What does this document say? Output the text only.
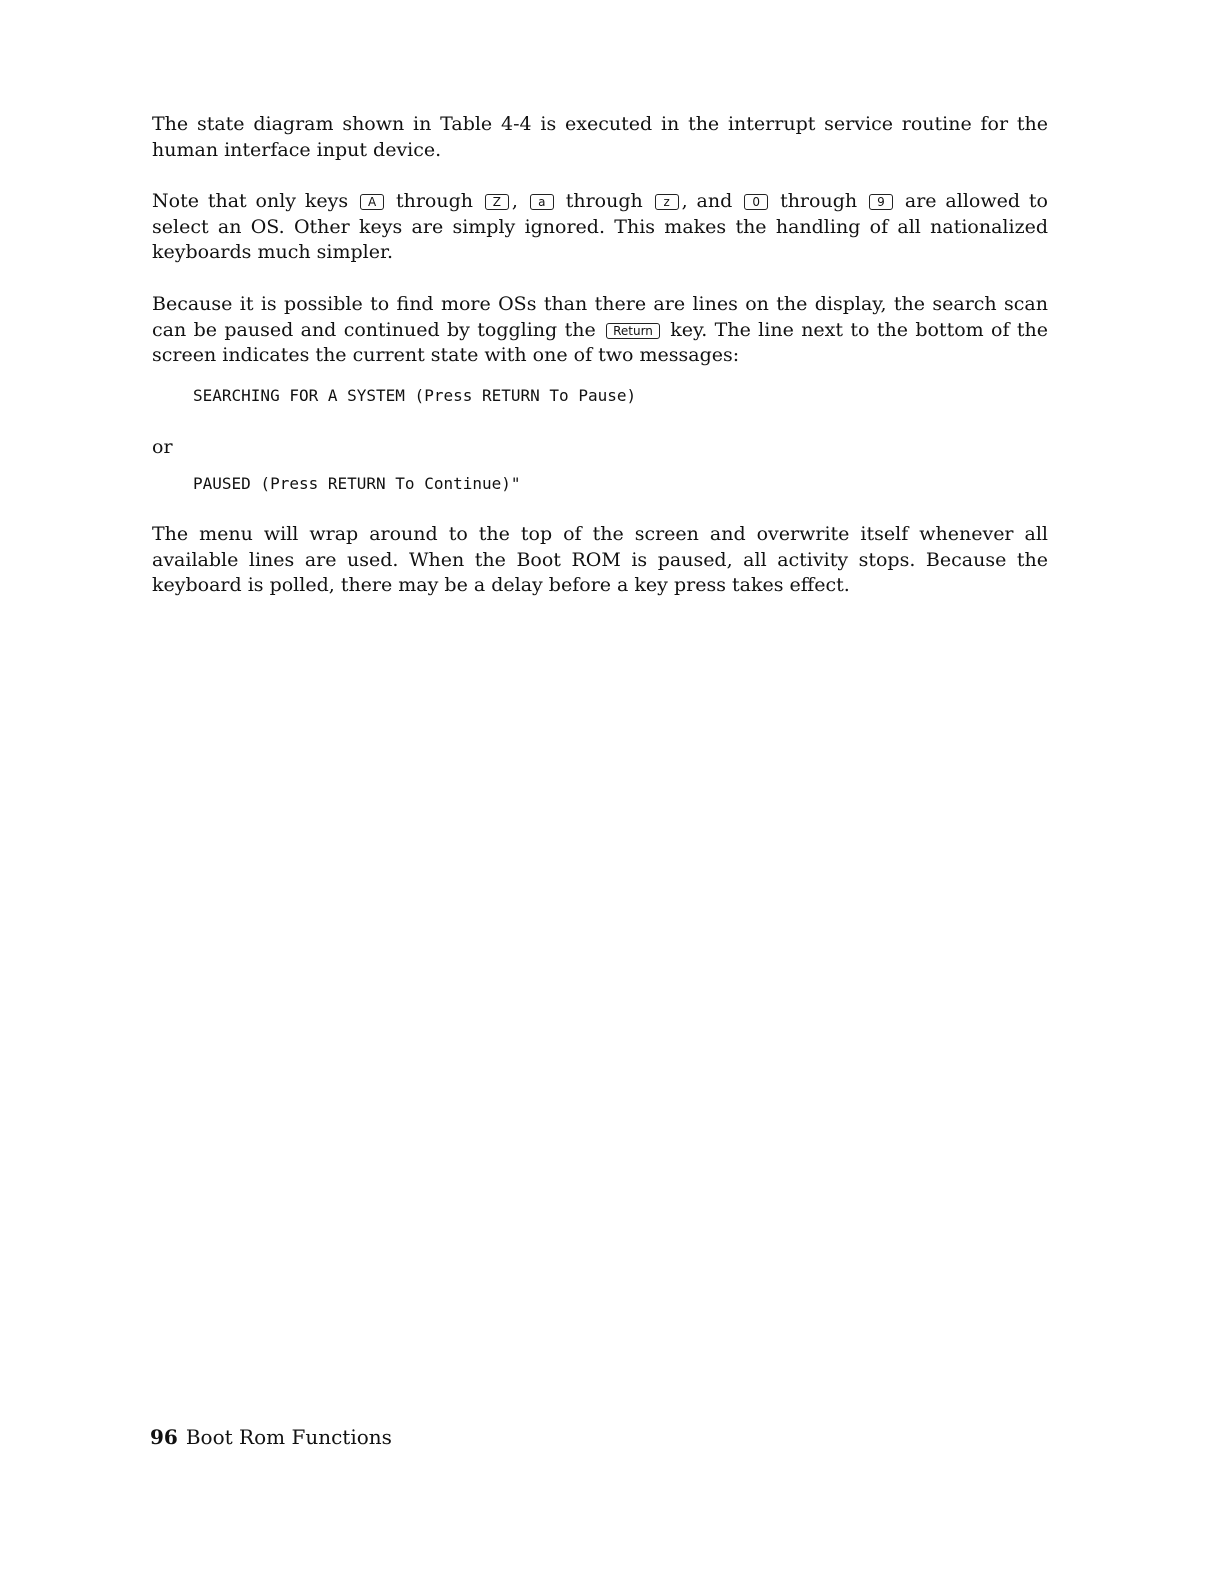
The state diagram shown in Table 4-4 is executed in the interrupt service routine for the human interface input device.

Note that only keys A through Z , a through z , and 0 through 9 are allowed to select an OS. Other keys are simply ignored. This makes the handling of all nationalized keyboards much simpler.

Because it is possible to find more OSs than there are lines on the display, the search scan can be paused and continued by toggling the Return key. The line next to the bottom of the screen indicates the current state with one of two messages:

SEARCHING FOR A SYSTEM (Press RETURN To Pause)
or
PAUSED (Press RETURN To Continue)"

The menu will wrap around to the top of the screen and overwrite itself whenever all available lines are used. When the Boot ROM is paused, all activity stops. Because the keyboard is polled, there may be a delay before a key press takes effect.

96 Boot Rom Functions
